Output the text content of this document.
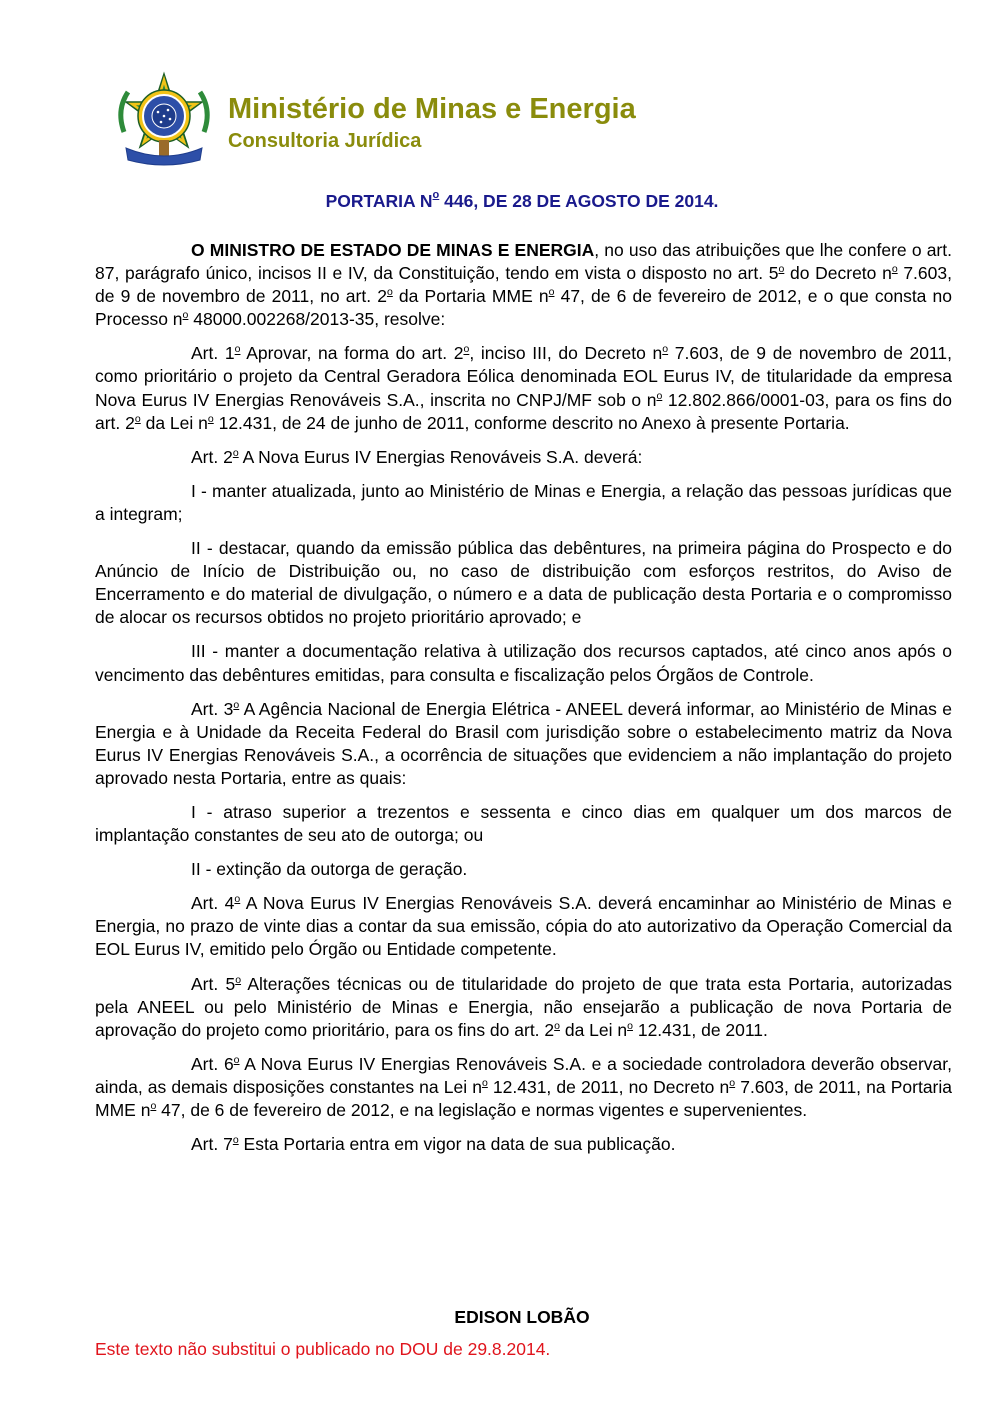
Ministério de Minas e Energia
Consultoria Jurídica
PORTARIA $N^o$ 446, DE 28 DE AGOSTO DE 2014.

O MINISTRO DE ESTADO DE MINAS E ENERGIA, no uso das atribuições que lhe confere o art. 87, parágrafo único, incisos II e IV, da Constituição, tendo em vista o disposto no art. 5$^o$ do Decreto $n^o$ 7.603, de 9 de novembro de 2011, no art. 2$^o$ da Portaria MME $n^o$ 47, de 6 de fevereiro de 2012, e o que consta no Processo $n^o$ 48000.002268/2013-35, resolve:

Art. 1$^o$ Aprovar, na forma do art. 2$^o$, inciso III, do Decreto $n^o$ 7.603, de 9 de novembro de 2011, como prioritário o projeto da Central Geradora Eólica denominada EOL Eurus IV, de titularidade da empresa Nova Eurus IV Energias Renováveis S.A., inscrita no CNPJ/MF sob o $n^o$ 12.802.866/0001-03, para os fins do art. 2$^o$ da Lei $n^o$ 12.431, de 24 de junho de 2011, conforme descrito no Anexo à presente Portaria.

Art. 2$^o$ A Nova Eurus IV Energias Renováveis S.A. deverá:

I - manter atualizada, junto ao Ministério de Minas e Energia, a relação das pessoas jurídicas que a integram;

II - destacar, quando da emissão pública das debêntures, na primeira página do Prospecto e do Anúncio de Início de Distribuição ou, no caso de distribuição com esforços restritos, do Aviso de Encerramento e do material de divulgação, o número e a data de publicação desta Portaria e o compromisso de alocar os recursos obtidos no projeto prioritário aprovado; e

III - manter a documentação relativa à utilização dos recursos captados, até cinco anos após o vencimento das debêntures emitidas, para consulta e fiscalização pelos Órgãos de Controle.

Art. 3$^o$ A Agência Nacional de Energia Elétrica - ANEEL deverá informar, ao Ministério de Minas e Energia e à Unidade da Receita Federal do Brasil com jurisdição sobre o estabelecimento matriz da Nova Eurus IV Energias Renováveis S.A., a ocorrência de situações que evidenciem a não implantação do projeto aprovado nesta Portaria, entre as quais:

I - atraso superior a trezentos e sessenta e cinco dias em qualquer um dos marcos de implantação constantes de seu ato de outorga; ou

II - extinção da outorga de geração.

Art. 4$^o$ A Nova Eurus IV Energias Renováveis S.A. deverá encaminhar ao Ministério de Minas e Energia, no prazo de vinte dias a contar da sua emissão, cópia do ato autorizativo da Operação Comercial da EOL Eurus IV, emitido pelo Órgão ou Entidade competente.

Art. 5$^o$ Alterações técnicas ou de titularidade do projeto de que trata esta Portaria, autorizadas pela ANEEL ou pelo Ministério de Minas e Energia, não ensejarão a publicação de nova Portaria de aprovação do projeto como prioritário, para os fins do art. 2$^o$ da Lei $n^o$ 12.431, de 2011.

Art. 6$^o$ A Nova Eurus IV Energias Renováveis S.A. e a sociedade controladora deverão observar, ainda, as demais disposições constantes na Lei $n^o$ 12.431, de 2011, no Decreto $n^o$ 7.603, de 2011, na Portaria MME $n^o$ 47, de 6 de fevereiro de 2012, e na legislação e normas vigentes e supervenientes.

Art. 7$^o$ Esta Portaria entra em vigor na data de sua publicação.

EDISON LOBÃO
Este texto não substitui o publicado no DOU de 29.8.2014.
